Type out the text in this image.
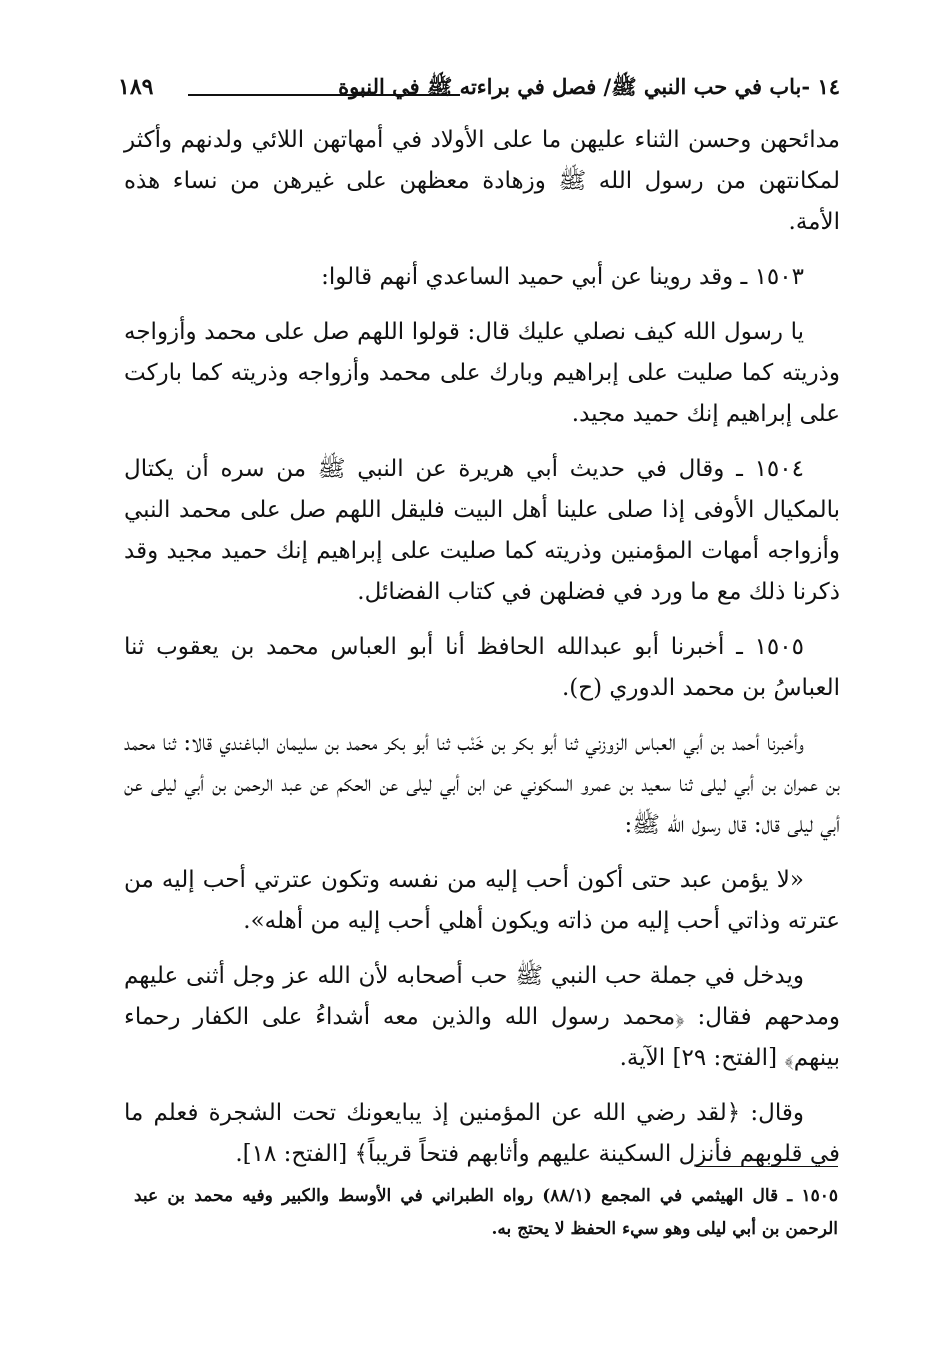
١٤ -باب في حب النبي ﷺ/ فصل في براءته ﷺ في النبوة
١٨٩

مدائحهن وحسن الثناء عليهن ما على الأولاد في أمهاتهن اللائي ولدنهم وأكثر لمكانتهن من رسول الله ﷺ وزهادة معظهن على غيرهن من نساء هذه الأمة.

١٥٠٣ ـ وقد روينا عن أبي حميد الساعدي أنهم قالوا:

يا رسول الله كيف نصلي عليك قال: قولوا اللهم صل على محمد وأزواجه وذريته كما صليت على إبراهيم وبارك على محمد وأزواجه وذريته كما باركت على إبراهيم إنك حميد مجيد.

١٥٠٤ ـ وقال في حديث أبي هريرة عن النبي ﷺ من سره أن يكتال بالمكيال الأوفى إذا صلى علينا أهل البيت فليقل اللهم صل على محمد النبي وأزواجه أمهات المؤمنين وذريته كما صليت على إبراهيم إنك حميد مجيد وقد ذكرنا ذلك مع ما ورد في فضلهن في كتاب الفضائل.

١٥٠٥ ـ أخبرنا أبو عبدالله الحافظ أنا أبو العباس محمد بن يعقوب ثنا العباسُ بن محمد الدوري (ح).

وأخبرنا أحمد بن أبي العباس الزوزني ثنا أبو بكر بن خَنْب ثنا أبو بكر محمد بن سليمان الباغندي قالا: ثنا محمد بن عمران بن أبي ليلى ثنا سعيد بن عمرو السكوني عن ابن أبي ليلى عن الحكم عن عبد الرحمن بن أبي ليلى عن أبي ليلى قال: قال رسول الله ﷺ:

«لا يؤمن عبد حتى أكون أحب إليه من نفسه وتكون عترتي أحب إليه من عترته وذاتي أحب إليه من ذاته ويكون أهلي أحب إليه من أهله».

ويدخل في جملة حب النبي ﷺ حب أصحابه لأن الله عز وجل أثنى عليهم ومدحهم فقال: ﴿محمد رسول الله والذين معه أشداءُ على الكفار رحماء بينهم﴾ [الفتح: ٢٩] الآية.

وقال: ﴿لقد رضي الله عن المؤمنين إذ يبايعونك تحت الشجرة فعلم ما في قلوبهم فأنزل السكينة عليهم وأثابهم فتحاً قريباً﴾ [الفتح: ١٨].

١٥٠٥ ـ قال الهيثمي في المجمع (٨٨/١) رواه الطبراني في الأوسط والكبير وفيه محمد بن عبد الرحمن بن أبي ليلى وهو سيء الحفظ لا يحتج به.
